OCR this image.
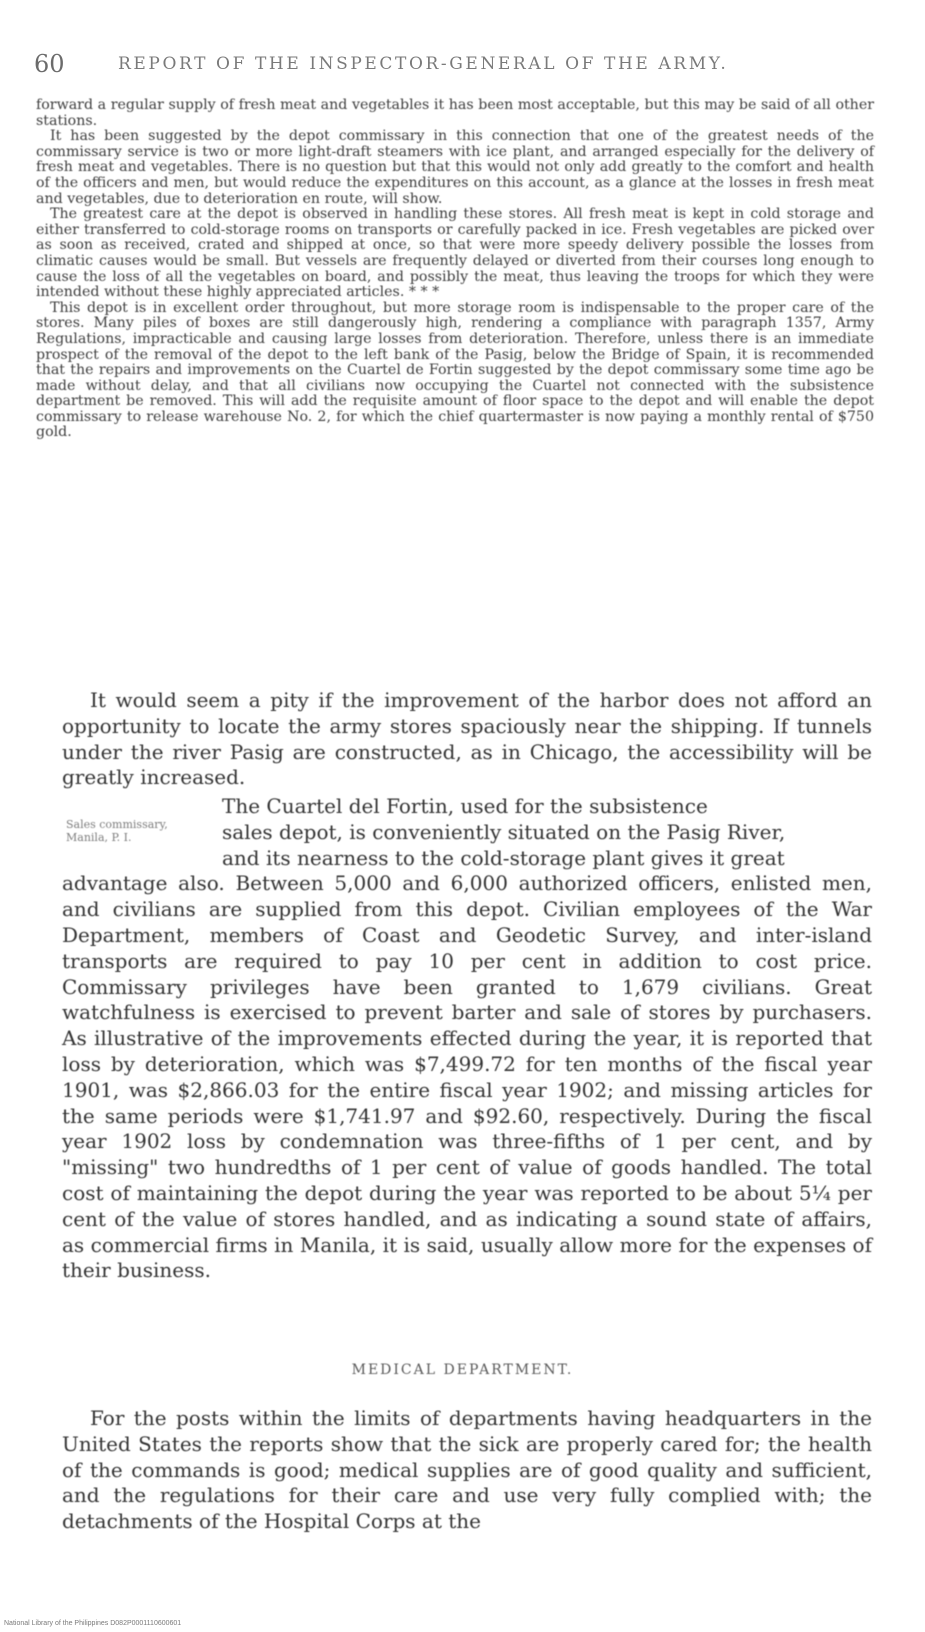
60	REPORT OF THE INSPECTOR-GENERAL OF THE ARMY.

forward a regular supply of fresh meat and vegetables it has been most acceptable, but this may be said of all other stations.

It has been suggested by the depot commissary in this connection that one of the greatest needs of the commissary service is two or more light-draft steamers with ice plant, and arranged especially for the delivery of fresh meat and vegetables. There is no question but that this would not only add greatly to the comfort and health of the officers and men, but would reduce the expenditures on this account, as a glance at the losses in fresh meat and vegetables, due to deterioration en route, will show.

The greatest care at the depot is observed in handling these stores. All fresh meat is kept in cold storage and either transferred to cold-storage rooms on transports or carefully packed in ice. Fresh vegetables are picked over as soon as received, crated and shipped at once, so that were more speedy delivery possible the losses from climatic causes would be small. But vessels are frequently delayed or diverted from their courses long enough to cause the loss of all the vegetables on board, and possibly the meat, thus leaving the troops for which they were intended without these highly appreciated articles. * * *

This depot is in excellent order throughout, but more storage room is indispensable to the proper care of the stores. Many piles of boxes are still dangerously high, rendering a compliance with paragraph 1357, Army Regulations, impracticable and causing large losses from deterioration. Therefore, unless there is an immediate prospect of the removal of the depot to the left bank of the Pasig, below the Bridge of Spain, it is recommended that the repairs and improvements on the Cuartel de Fortin suggested by the depot commissary some time ago be made without delay, and that all civilians now occupying the Cuartel not connected with the subsistence department be removed. This will add the requisite amount of floor space to the depot and will enable the depot commissary to release warehouse No. 2, for which the chief quartermaster is now paying a monthly rental of $750 gold.

It would seem a pity if the improvement of the harbor does not afford an opportunity to locate the army stores spaciously near the shipping. If tunnels under the river Pasig are constructed, as in Chicago, the accessibility will be greatly increased.

Sales commissary,
Manila, P. I.
The Cuartel del Fortin, used for the subsistence
sales depot, is conveniently situated on the Pasig River,
and its nearness to the cold-storage plant gives it great

advantage also. Between 5,000 and 6,000 authorized officers, enlisted men, and civilians are supplied from this depot. Civilian employees of the War Department, members of Coast and Geodetic Survey, and inter-island transports are required to pay 10 per cent in addition to cost price. Commissary privileges have been granted to 1,679 civilians. Great watchfulness is exercised to prevent barter and sale of stores by purchasers. As illustrative of the improvements effected during the year, it is reported that loss by deterioration, which was $7,499.72 for ten months of the fiscal year 1901, was $2,866.03 for the entire fiscal year 1902; and missing articles for the same periods were $1,741.97 and $92.60, respectively. During the fiscal year 1902 loss by condemnation was three-fifths of 1 per cent, and by "missing" two hundredths of 1 per cent of value of goods handled. The total cost of maintaining the depot during the year was reported to be about 5¼ per cent of the value of stores handled, and as indicating a sound state of affairs, as commercial firms in Manila, it is said, usually allow more for the expenses of their business.

MEDICAL DEPARTMENT.

For the posts within the limits of departments having headquarters in the United States the reports show that the sick are properly cared for; the health of the commands is good; medical supplies are of good quality and sufficient, and the regulations for their care and use very fully complied with; the detachments of the Hospital Corps at the

National Library of the Philippines D082P0001110600601
